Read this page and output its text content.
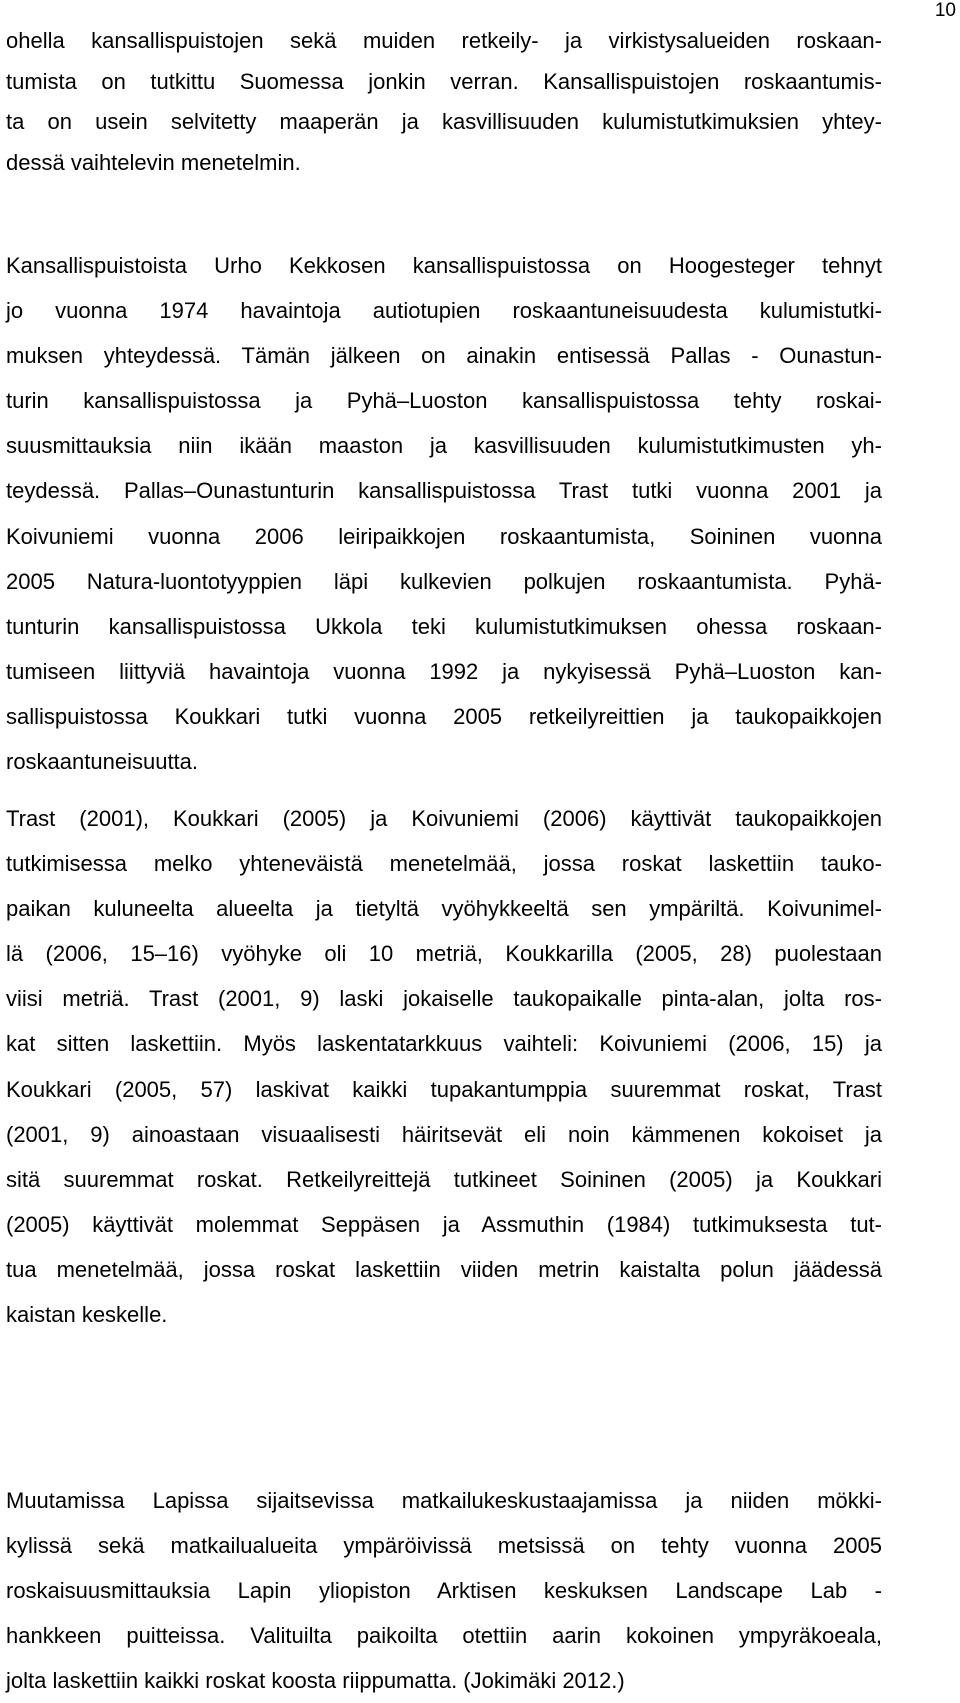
10
ohella kansallispuistojen sekä muiden retkeily- ja virkistysalueiden roskaan-
tumista on tutkittu Suomessa jonkin verran. Kansallispuistojen roskaantumis-
ta on usein selvitetty maaperän ja kasvillisuuden kulumistutkimuksien yhtey-
dessä vaihtelevin menetelmin.
Kansallispuistoista Urho Kekkosen kansallispuistossa on Hoogesteger tehnyt
jo vuonna 1974 havaintoja autiotupien roskaantuneisuudesta kulumistutki-
muksen yhteydessä. Tämän jälkeen on ainakin entisessä Pallas - Ounastun-
turin kansallispuistossa ja Pyhä–Luoston kansallispuistossa tehty roskai-
suusmittauksia niin ikään maaston ja kasvillisuuden kulumistutkimusten yh-
teydessä. Pallas–Ounastunturin kansallispuistossa Trast tutki vuonna 2001 ja
Koivuniemi vuonna 2006 leiripaikkojen roskaantumista, Soininen vuonna
2005 Natura-luontotyyppien läpi kulkevien polkujen roskaantumista. Pyhä-
tunturin kansallispuistossa Ukkola teki kulumistutkimuksen ohessa roskaan-
tumiseen liittyviä havaintoja vuonna 1992 ja nykyisessä Pyhä–Luoston kan-
sallispuistossa Koukkari tutki vuonna 2005 retkeilyreittien ja taukopaikkojen
roskaantuneisuutta.
Trast (2001), Koukkari (2005) ja Koivuniemi (2006) käyttivät taukopaikkojen
tutkimisessa melko yhteneväistä menetelmää, jossa roskat laskettiin tauko-
paikan kuluneelta alueelta ja tietyltä vyöhykkeeltä sen ympäriltä. Koivunimel-
lä (2006, 15–16) vyöhyke oli 10 metriä, Koukkarilla (2005, 28) puolestaan
viisi metriä. Trast (2001, 9) laski jokaiselle taukopaikalle pinta-alan, jolta ros-
kat sitten laskettiin. Myös laskentatarkkuus vaihteli: Koivuniemi (2006, 15) ja
Koukkari (2005, 57) laskivat kaikki tupakantumppia suuremmat roskat, Trast
(2001, 9) ainoastaan visuaalisesti häiritsevät eli noin kämmenen kokoiset ja
sitä suuremmat roskat. Retkeilyreittejä tutkineet Soininen (2005) ja Koukkari
(2005) käyttivät molemmat Seppäsen ja Assmuthin (1984) tutkimuksesta tut-
tua menetelmää, jossa roskat laskettiin viiden metrin kaistalta polun jäädessä
kaistan keskelle.
Muutamissa Lapissa sijaitsevissa matkailukeskustaajamissa ja niiden mökki-
kylissä sekä matkailualueita ympäröivissä metsissä on tehty vuonna 2005
roskaisuusmittauksia Lapin yliopiston Arktisen keskuksen Landscape Lab -
hankkeen puitteissa. Valituilta paikoilta otettiin aarin kokoinen ympyräkoeala,
jolta laskettiin kaikki roskat koosta riippumatta. (Jokimäki 2012.)
